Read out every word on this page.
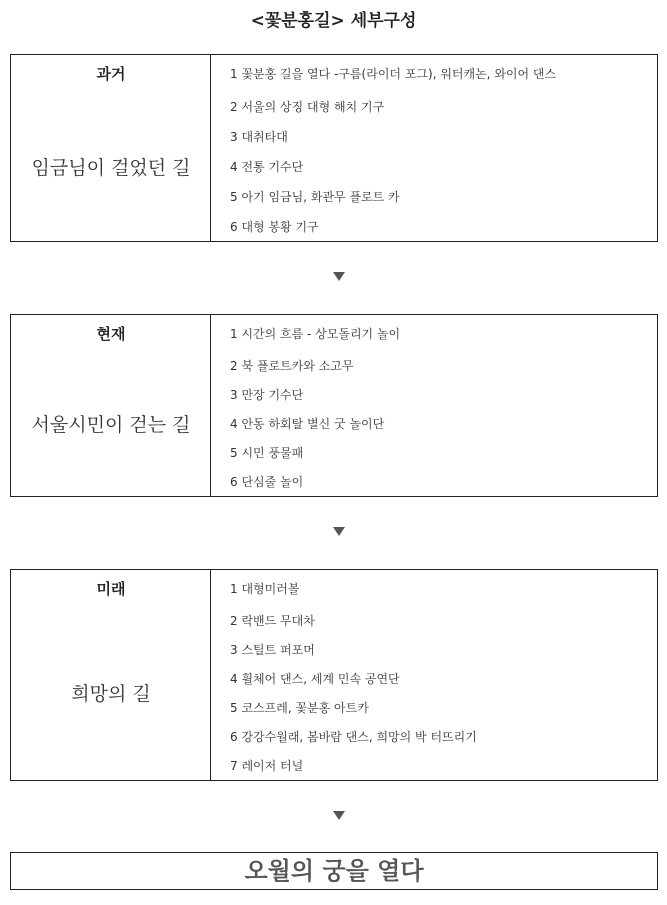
<꽃분홍길> 세부구성
과거
임금님이 걸었던 길
1 꽃분홍 길을 열다 -구름(라이더 포그), 워터캐논, 와이어 댄스
2 서울의 상징 대형 해치 기구
3 대취타대
4 전통 기수단
5 아기 임금님, 화관무 플로트 카
6 대형 봉황 기구
현재
서울시민이 걷는 길
1 시간의 흐름 - 상모돌리기 놀이
2 북 플로트카와 소고무
3 만장 기수단
4 안동 하회탈 별신 굿 놀이단
5 시민 풍물패
6 단심줄 놀이
미래
희망의 길
1 대형미러볼
2 락밴드 무대차
3 스틸트 퍼포머
4 휠체어 댄스, 세계 민속 공연단
5 코스프레, 꽃분홍 아트카
6 강강수월래, 봄바람 댄스, 희망의 박 터뜨리기
7 레이저 터널
오월의 궁을 열다
